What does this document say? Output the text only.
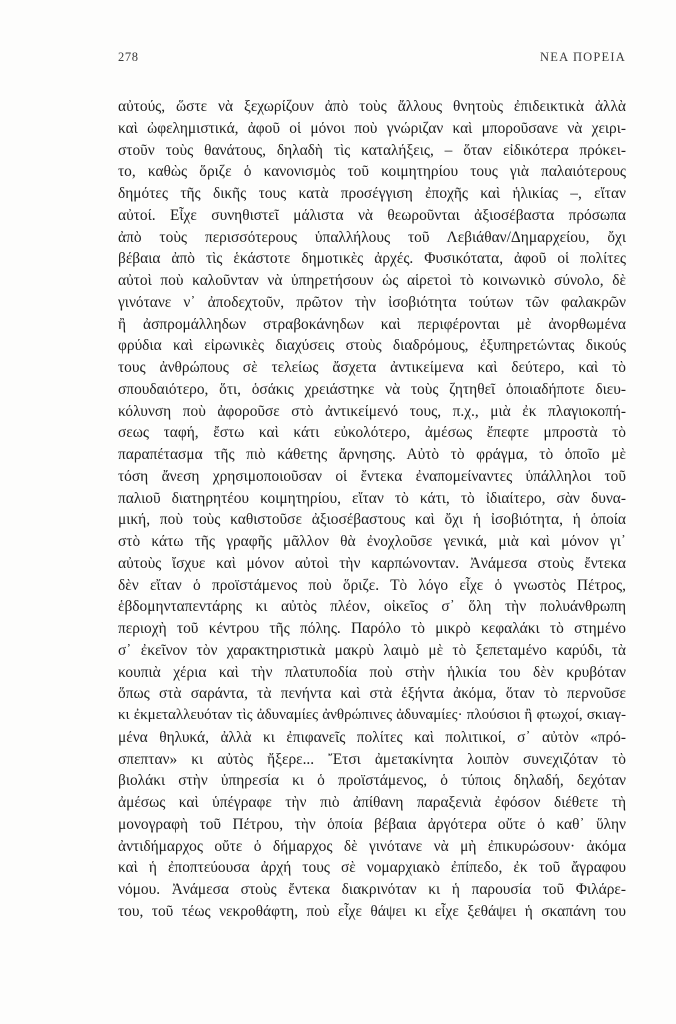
278	ΝΕΑ ΠΟΡΕΙΑ
αὐτούς, ὥστε νὰ ξεχωρίζουν ἀπὸ τοὺς ἄλλους θνητοὺς ἐπιδεικτικὰ ἀλλὰ
καὶ ὠφελημιστικά, ἀφοῦ οἱ μόνοι ποὺ γνώριζαν καὶ μποροῦσανε νὰ χειρι-
στοῦν τοὺς θανάτους, δηλαδὴ τὶς καταλήξεις, – ὅταν εἰδικότερα πρόκει-
το, καθὼς ὅριζε ὁ κανονισμὸς τοῦ κοιμητηρίου τους γιὰ παλαιότερους
δημότες τῆς δικῆς τους κατὰ προσέγγιση ἐποχῆς καὶ ἡλικίας –, εἴταν
αὐτοί. Εἶχε συνηθιστεῖ μάλιστα νὰ θεωροῦνται ἀξιοσέβαστα πρόσωπα
ἀπὸ τοὺς περισσότερους ὑπαλλήλους τοῦ Λεβιάθαν/Δημαρχείου, ὄχι
βέβαια ἀπὸ τὶς ἑκάστοτε δημοτικὲς ἀρχές. Φυσικότατα, ἀφοῦ οἱ πολίτες
αὐτοὶ ποὺ καλοῦνταν νὰ ὑπηρετήσουν ὡς αἱρετοὶ τὸ κοινωνικὸ σύνολο, δὲ
γινότανε ν᾿ ἀποδεχτοῦν, πρῶτον τὴν ἰσοβιότητα τούτων τῶν φαλακρῶν
ἢ ἀσπρομάλληδων στραβοκάνηδων καὶ περιφέρονται μὲ ἀνορθωμένα
φρύδια καὶ εἰρωνικὲς διαχύσεις στοὺς διαδρόμους, ἐξυπηρετώντας δικούς
τους ἀνθρώπους σὲ τελείως ἄσχετα ἀντικείμενα καὶ δεύτερο, καὶ τὸ
σπουδαιότερο, ὅτι, ὁσάκις χρειάστηκε νὰ τοὺς ζητηθεῖ ὁποιαδήποτε διευ-
κόλυνση ποὺ ἀφοροῦσε στὸ ἀντικείμενό τους, π.χ., μιὰ ἐκ πλαγιοκοπή-
σεως ταφή, ἔστω καὶ κάτι εὐκολότερο, ἀμέσως ἔπεφτε μπροστὰ τὸ
παραπέτασμα τῆς πιὸ κάθετης ἄρνησης. Αὐτὸ τὸ φράγμα, τὸ ὁποῖο μὲ
τόση ἄνεση χρησιμοποιοῦσαν οἱ ἔντεκα ἐναπομείναντες ὑπάλληλοι τοῦ
παλιοῦ διατηρητέου κοιμητηρίου, εἴταν τὸ κάτι, τὸ ἰδιαίτερο, σὰν δυνα-
μική, ποὺ τοὺς καθιστοῦσε ἀξιοσέβαστους καὶ ὄχι ἡ ἰσοβιότητα, ἡ ὁποία
στὸ κάτω τῆς γραφῆς μᾶλλον θὰ ἐνοχλοῦσε γενικά, μιὰ καὶ μόνον γι᾿
αὐτοὺς ἴσχυε καὶ μόνον αὐτοὶ τὴν καρπώνονταν. Ἀνάμεσα στοὺς ἔντεκα
δὲν εἴταν ὁ προϊστάμενος ποὺ ὅριζε. Τὸ λόγο εἶχε ὁ γνωστὸς Πέτρος,
ἑβδομηνταπεντάρης κι αὐτὸς πλέον, οἰκεῖος σ᾿ ὅλη τὴν πολυάνθρωπη
περιοχὴ τοῦ κέντρου τῆς πόλης. Παρόλο τὸ μικρὸ κεφαλάκι τὸ στημένο
σ᾿ ἐκεῖνον τὸν χαρακτηριστικὰ μακρὺ λαιμὸ μὲ τὸ ξεπεταμένο καρύδι, τὰ
κουπιὰ χέρια καὶ τὴν πλατυποδία ποὺ στὴν ἡλικία του δὲν κρυβόταν
ὅπως στὰ σαράντα, τὰ πενήντα καὶ στὰ ἑξήντα ἀκόμα, ὅταν τὸ περνοῦσε
κι ἐκμεταλλευόταν τὶς ἀδυναμίες ἀνθρώπινες ἀδυναμίες· πλούσιοι ἢ φτωχοί, σκιαγ-
μένα θηλυκά, ἀλλὰ κι ἐπιφανεῖς πολίτες καὶ πολιτικοί, σ᾿ αὐτὸν «πρό-
σπεπταν» κι αὐτὸς ἤξερε... Ἔτσι ἀμετακίνητα λοιπὸν συνεχιζόταν τὸ
βιολάκι στὴν ὑπηρεσία κι ὁ προϊστάμενος, ὁ τύποις δηλαδή, δεχόταν
ἀμέσως καὶ ὑπέγραφε τὴν πιὸ ἀπίθανη παραξενιὰ ἐφόσον διέθετε τὴ
μονογραφὴ τοῦ Πέτρου, τὴν ὁποία βέβαια ἀργότερα οὔτε ὁ καθ᾿ ὕλην
ἀντιδήμαρχος οὔτε ὁ δήμαρχος δὲ γινότανε νὰ μὴ ἐπικυρώσουν· ἀκόμα
καὶ ἡ ἐποπτεύουσα ἀρχή τους σὲ νομαρχιακὸ ἐπίπεδο, ἐκ τοῦ ἄγραφου
νόμου. Ἀνάμεσα στοὺς ἔντεκα διακρινόταν κι ἡ παρουσία τοῦ Φιλάρε-
του, τοῦ τέως νεκροθάφτη, ποὺ εἶχε θάψει κι εἶχε ξεθάψει ἡ σκαπάνη του
